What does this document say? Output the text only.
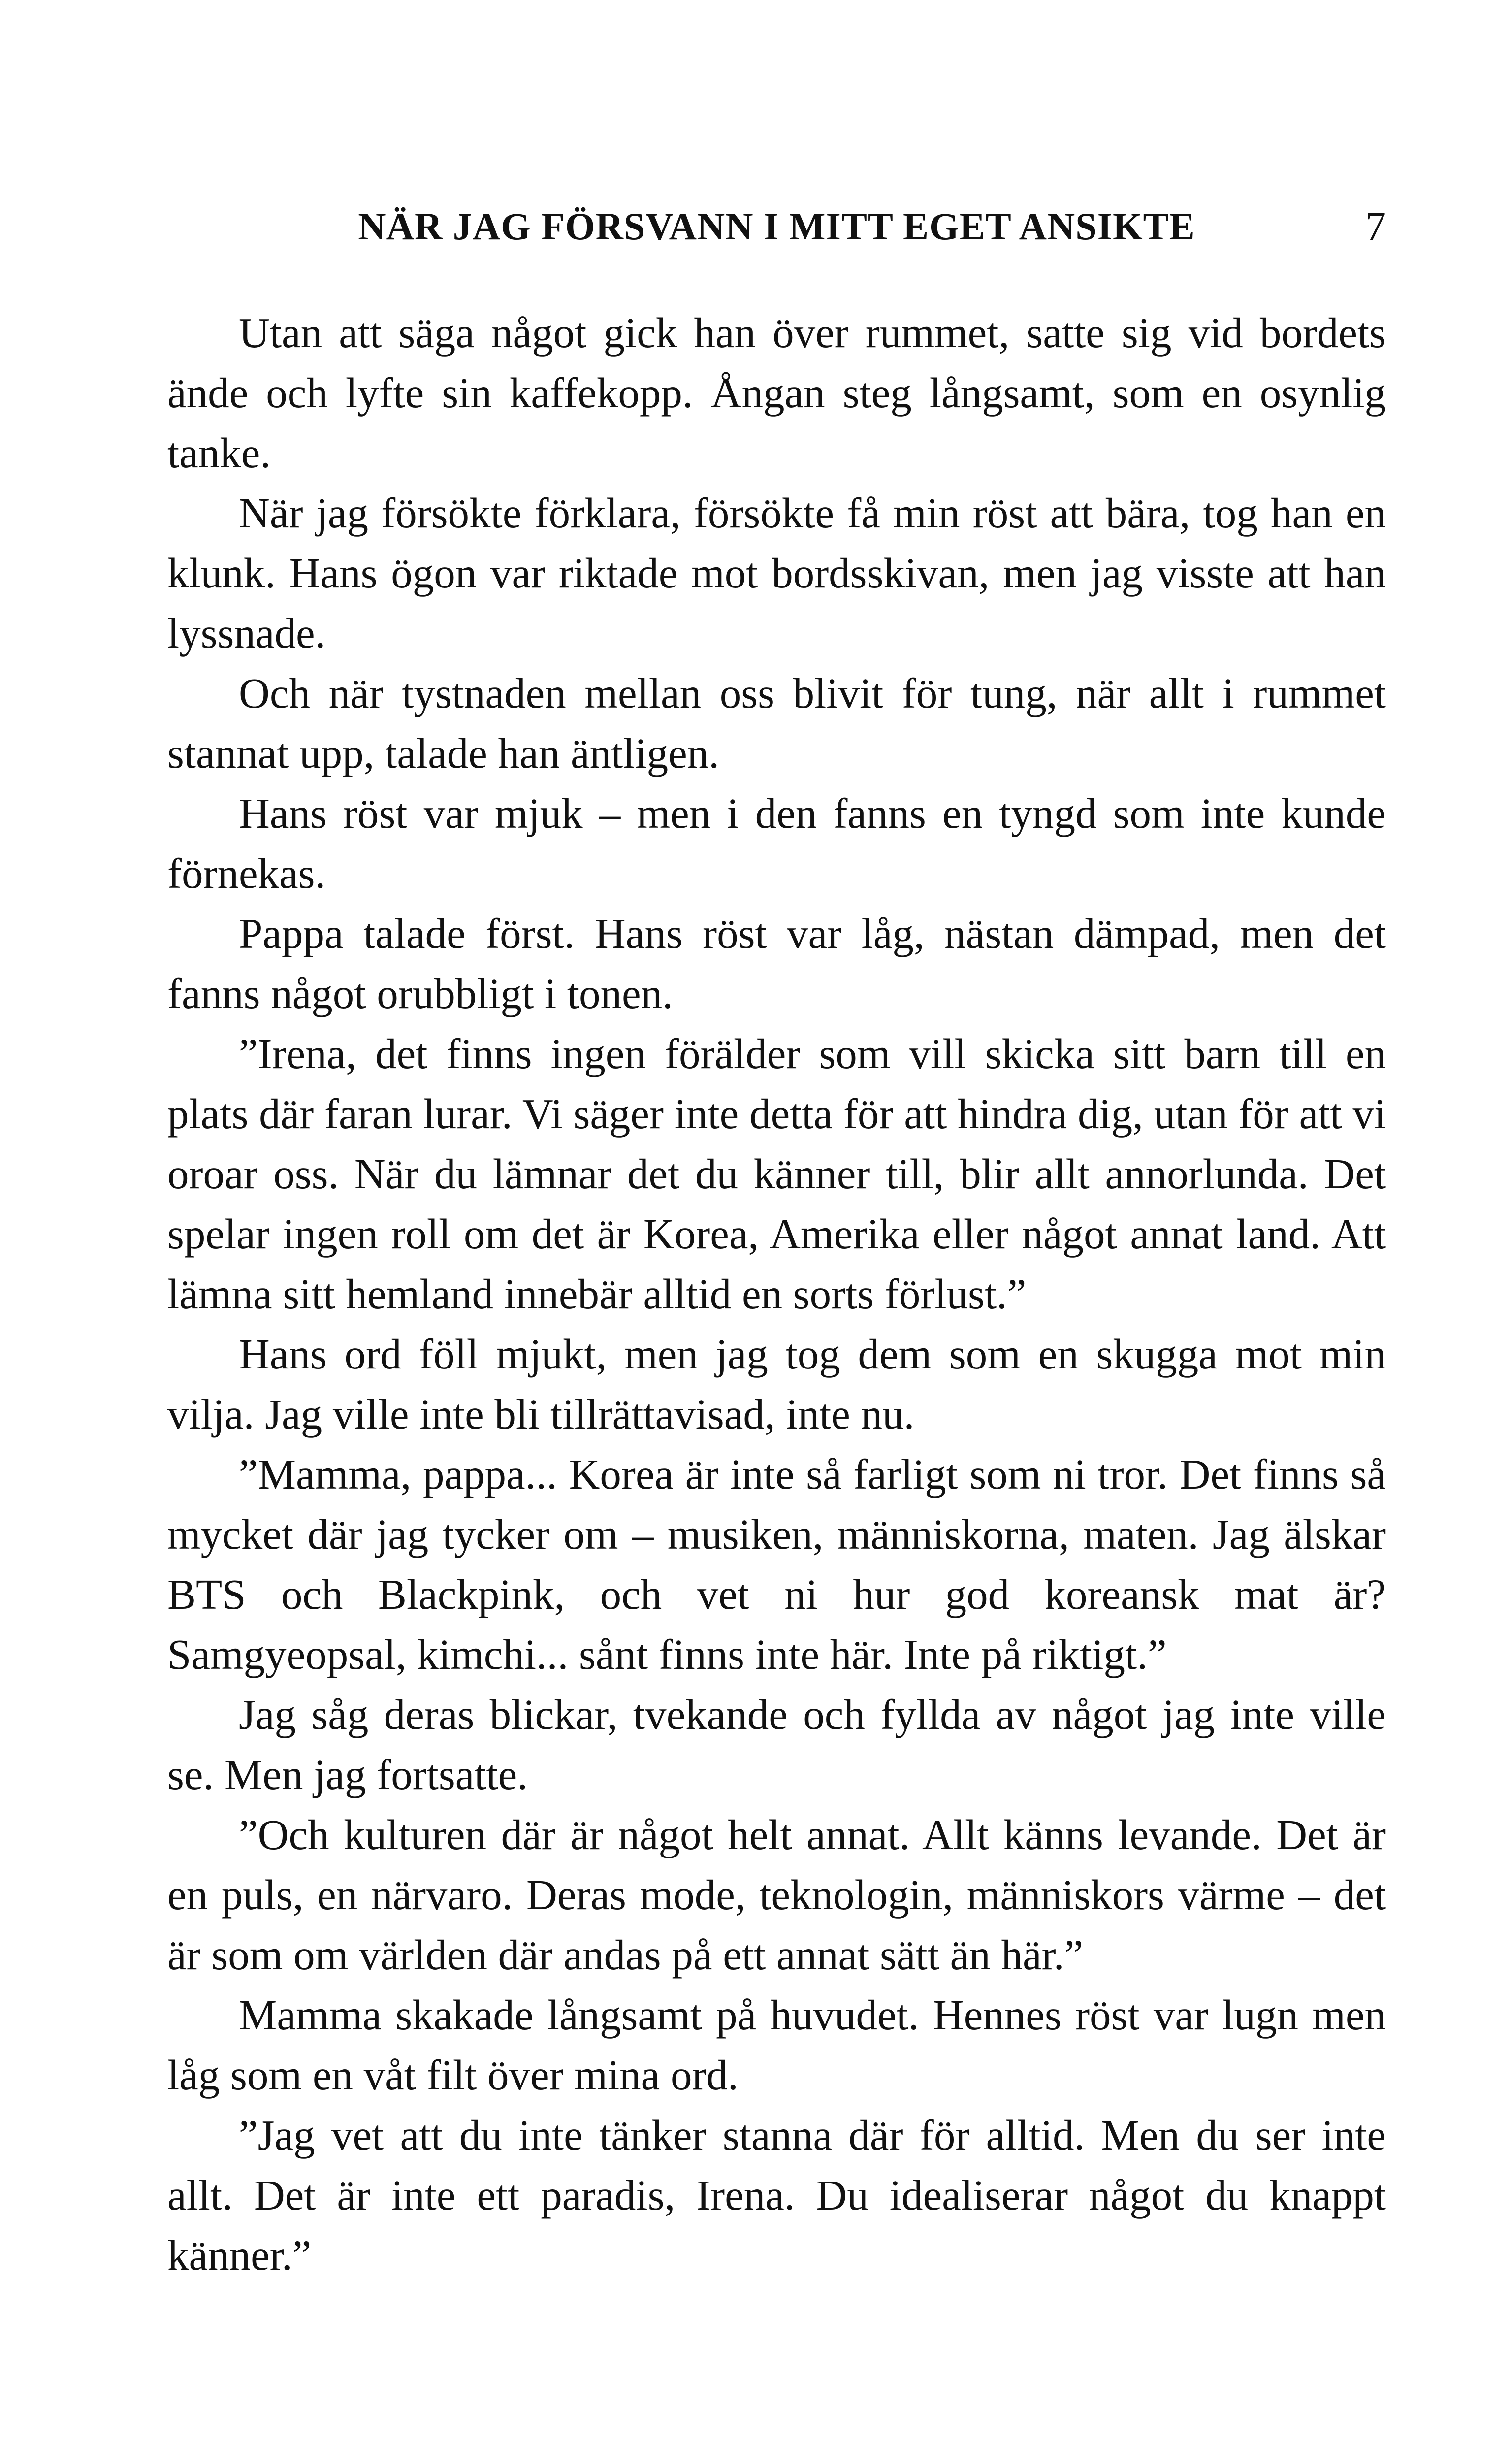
NÄR JAG FÖRSVANN I MITT EGET ANSIKTE	7

Utan att säga något gick han över rummet, satte sig vid bordets ände och lyfte sin kaffekopp. Ångan steg långsamt, som en osynlig tanke.

När jag försökte förklara, försökte få min röst att bära, tog han en klunk. Hans ögon var riktade mot bordsskivan, men jag visste att han lyssnade.

Och när tystnaden mellan oss blivit för tung, när allt i rummet stannat upp, talade han äntligen.

Hans röst var mjuk – men i den fanns en tyngd som inte kunde förnekas.

Pappa talade först. Hans röst var låg, nästan dämpad, men det fanns något orubbligt i tonen.

”Irena, det finns ingen förälder som vill skicka sitt barn till en plats där faran lurar. Vi säger inte detta för att hindra dig, utan för att vi oroar oss. När du lämnar det du känner till, blir allt annorlunda. Det spelar ingen roll om det är Korea, Amerika eller något annat land. Att lämna sitt hemland innebär alltid en sorts förlust.”

Hans ord föll mjukt, men jag tog dem som en skugga mot min vilja. Jag ville inte bli tillrättavisad, inte nu.

”Mamma, pappa... Korea är inte så farligt som ni tror. Det finns så mycket där jag tycker om – musiken, människorna, maten. Jag älskar BTS och Blackpink, och vet ni hur god koreansk mat är? Samgyeopsal, kimchi... sånt finns inte här. Inte på riktigt.”

Jag såg deras blickar, tvekande och fyllda av något jag inte ville se. Men jag fortsatte.

”Och kulturen där är något helt annat. Allt känns levande. Det är en puls, en närvaro. Deras mode, teknologin, människors värme – det är som om världen där andas på ett annat sätt än här.”

Mamma skakade långsamt på huvudet. Hennes röst var lugn men låg som en våt filt över mina ord.

”Jag vet att du inte tänker stanna där för alltid. Men du ser inte allt. Det är inte ett paradis, Irena. Du idealiserar något du knappt känner.”
